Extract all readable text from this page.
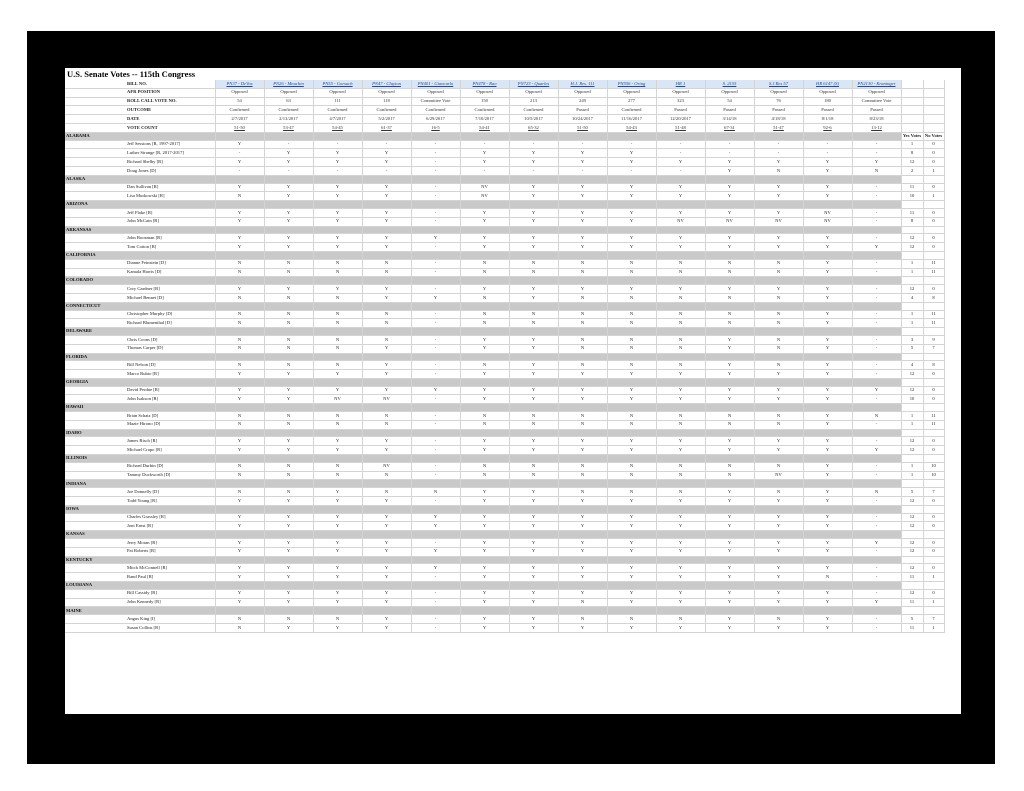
U.S. Senate Votes -- 115th Congress
BILL NO.	PN37 - DeVos	PN26 - Mnuchin	PN55 - Gorsuch	PN47 - Clayton	PN401 - Giancarlo	PN478 - Rao	PN723 - Quarles	H.J. Res. 111	PN556 - Oring	HR 1	S. 2155	S.J.Res 57	HR 6147 (S)	PN2130 - Kraninger		
AFR POSITION	Opposed	Opposed	Opposed	Opposed	Opposed	Opposed	Opposed	Opposed	Opposed	Opposed	Opposed	Opposed	Opposed	Opposed		
ROLL CALL VOTE NO.	54	63	111	118	Committee Vote	150	213	249	277	323	54	76	180	Committee Vote		
OUTCOME	Confirmed	Confirmed	Confirmed	Confirmed	Confirmed	Confirmed	Confirmed	Passed	Confirmed	Passed	Passed	Passed	Passed	Passed		
DATE	2/7/2017	2/13/2017	4/7/2017	5/2/2017	6/29/2017	7/10/2017	10/5/2017	10/24/2017	11/16/2017	12/20/2017	3/14/18	4/18/18	8/1/18	8/23/18		
VOTE COUNT	51-50	53-47	54-45	61-37	16-5	54-41	65-32	51-50	54-43	51-48	67-31	51-47	92-6	13-12		
ALABAMA															Yes Votes	No Votes
Jeff Sessions [R, 1997-2017]	Y	-	-	-	-	-	-	-	-	-	-	-	-	-	1	0
Luther Strange [R, 2017-2017]	-	Y	Y	Y	-	Y	Y	Y	Y	-	-	-	-	-	8	0
Richard Shelby [R]	Y	Y	Y	Y	-	Y	Y	Y	Y	Y	Y	Y	Y	Y	12	0
Doug Jones [D]	-	-	-	-	-	-	-	-	-	-	Y	N	Y	N	2	1
ALASKA																
Dan Sullivan [R]	Y	Y	Y	Y	-	NV	Y	Y	Y	Y	Y	Y	Y	-	11	0
Lisa Murkowski [R]	N	Y	Y	Y	-	NV	Y	Y	Y	Y	Y	Y	Y	-	10	1
ARIZONA																
Jeff Flake [R]	Y	Y	Y	Y	-	Y	Y	Y	Y	Y	Y	Y	NV	-	11	0
John McCain [R]	Y	Y	Y	Y	-	Y	Y	Y	Y	NV	NV	NV	NV	-	8	0
ARKANSAS																
John Boozman [R]	Y	Y	Y	Y	Y	Y	Y	Y	Y	Y	Y	Y	Y	-	12	0
Tom Cotton [R]	Y	Y	Y	Y	-	Y	Y	Y	Y	Y	Y	Y	Y	Y	12	0
CALIFORNIA																
Dianne Feinstein [D]	N	N	N	N	-	N	N	N	N	N	N	N	Y	-	1	11
Kamala Harris [D]	N	N	N	N	-	N	N	N	N	N	N	N	Y	-	1	11
COLORADO																
Cory Gardner [R]	Y	Y	Y	Y	-	Y	Y	Y	Y	Y	Y	Y	Y	-	12	0
Michael Bennet [D]	N	N	N	Y	Y	N	Y	N	N	N	N	N	Y	-	4	8
CONNECTICUT																
Christopher Murphy [D]	N	N	N	N	-	N	N	N	N	N	N	N	Y	-	1	11
Richard Blumenthal [D]	N	N	N	N	-	N	N	N	N	N	N	N	Y	-	1	11
DELAWARE																
Chris Coons [D]	N	N	N	N	-	Y	Y	N	N	N	Y	N	Y	-	3	9
Thomas Carper [D]	N	N	N	Y	-	Y	Y	N	N	N	Y	N	Y	-	5	7
FLORIDA																
Bill Nelson [D]	N	N	N	Y	-	N	Y	N	N	N	Y	N	Y	-	4	8
Marco Rubio [R]	Y	Y	Y	Y	-	Y	Y	Y	Y	Y	Y	Y	Y	-	12	0
GEORGIA																
David Perdue [R]	Y	Y	Y	Y	Y	Y	Y	Y	Y	Y	Y	Y	Y	Y	12	0
John Isakson [R]	Y	Y	NV	NV	-	Y	Y	Y	Y	Y	Y	Y	Y	-	10	0
HAWAII																
Brian Schatz [D]	N	N	N	N	-	N	N	N	N	N	N	N	Y	N	1	11
Mazie Hirono [D]	N	N	N	N	-	N	N	N	N	N	N	N	Y	-	1	11
IDAHO																
James Risch [R]	Y	Y	Y	Y	-	Y	Y	Y	Y	Y	Y	Y	Y	-	12	0
Michael Crapo [R]	Y	Y	Y	Y	-	Y	Y	Y	Y	Y	Y	Y	Y	Y	12	0
ILLINOIS																
Richard Durbin [D]	N	N	N	NV	-	N	N	N	N	N	N	N	Y	-	1	10
Tammy Duckworth [D]	N	N	N	N	-	N	N	N	N	N	N	NV	Y	-	1	10
INDIANA																
Joe Donnelly [D]	N	N	Y	N	N	Y	Y	N	N	N	Y	N	Y	N	5	7
Todd Young [R]	Y	Y	Y	Y	-	Y	Y	Y	Y	Y	Y	Y	Y	-	12	0
IOWA																
Charles Grassley [R]	Y	Y	Y	Y	Y	Y	Y	Y	Y	Y	Y	Y	Y	-	12	0
Joni Ernst [R]	Y	Y	Y	Y	Y	Y	Y	Y	Y	Y	Y	Y	Y	-	12	0
KANSAS																
Jerry Moran [R]	Y	Y	Y	Y	-	Y	Y	Y	Y	Y	Y	Y	Y	Y	12	0
Pat Roberts [R]	Y	Y	Y	Y	Y	Y	Y	Y	Y	Y	Y	Y	Y	-	12	0
KENTUCKY																
Mitch McConnell [R]	Y	Y	Y	Y	Y	Y	Y	Y	Y	Y	Y	Y	Y	-	12	0
Rand Paul [R]	Y	Y	Y	Y	-	Y	Y	Y	Y	Y	Y	Y	N	-	11	1
LOUISIANA																
Bill Cassidy [R]	Y	Y	Y	Y	-	Y	Y	Y	Y	Y	Y	Y	Y	-	12	0
John Kennedy [R]	Y	Y	Y	Y	-	Y	Y	N	Y	Y	Y	Y	Y	Y	11	1
MAINE																
Angus King [I]	N	N	N	Y	-	Y	Y	N	N	N	Y	N	Y	-	5	7
Susan Collins [R]	N	Y	Y	Y	-	Y	Y	Y	Y	Y	Y	Y	Y	-	11	1
